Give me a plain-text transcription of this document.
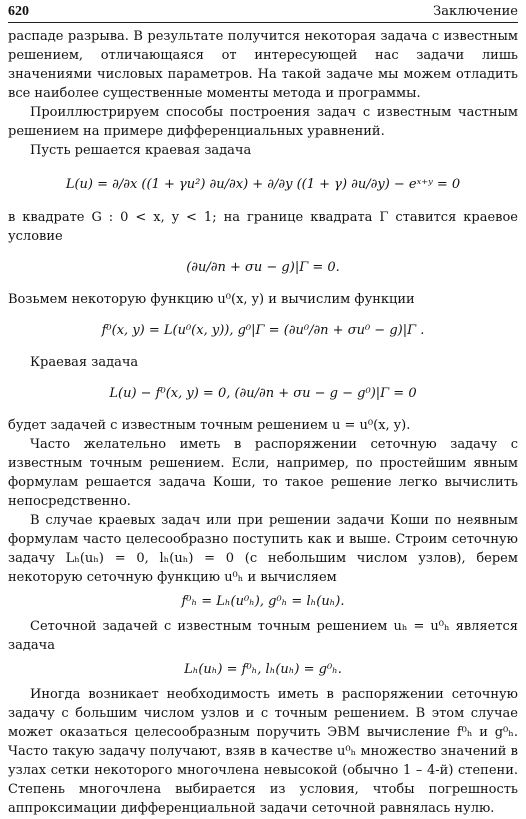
620	Заключение

распаде разрыва. В результате получится некоторая задача с известным решением, отличающаяся от интересующей нас задачи лишь значениями числовых параметров. На такой задаче мы можем отладить все наиболее существенные моменты метода и программы.

Проиллюстрируем способы построения задач с известным частным решением на примере дифференциальных уравнений.

Пусть решается краевая задача

L(u) = ∂/∂x ((1 + γu²) ∂u/∂x) + ∂/∂y ((1 + γ) ∂u/∂y) − eˣ⁺ʸ = 0

в квадрате G : 0 < x, y < 1; на границе квадрата Γ ставится краевое условие

(∂u/∂n + σu − g)|Γ = 0.

Возьмем некоторую функцию u⁰(x, y) и вычислим функции

f⁰(x, y) = L(u⁰(x, y)), g⁰|Γ = (∂u⁰/∂n + σu⁰ − g)|Γ .

Краевая задача

L(u) − f⁰(x, y) = 0, (∂u/∂n + σu − g − g⁰)|Γ = 0

будет задачей с известным точным решением u = u⁰(x, y).

Часто желательно иметь в распоряжении сеточную задачу с известным точным решением. Если, например, по простейшим явным формулам решается задача Коши, то такое решение легко вычислить непосредственно.

В случае краевых задач или при решении задачи Коши по неявным формулам часто целесообразно поступить как и выше. Строим сеточную задачу Lₕ(uₕ) = 0, lₕ(uₕ) = 0 (с небольшим числом узлов), берем некоторую сеточную функцию u⁰ₕ и вычисляем

f⁰ₕ = Lₕ(u⁰ₕ), g⁰ₕ = lₕ(uₕ).

Сеточной задачей с известным точным решением uₕ = u⁰ₕ является задача

Lₕ(uₕ) = f⁰ₕ, lₕ(uₕ) = g⁰ₕ.

Иногда возникает необходимость иметь в распоряжении сеточную задачу с большим числом узлов и с точным решением. В этом случае может оказаться целесообразным поручить ЭВМ вычисление f⁰ₕ и g⁰ₕ. Часто такую задачу получают, взяв в качестве u⁰ₕ множество значений в узлах сетки некоторого многочлена невысокой (обычно 1 – 4-й) степени. Степень многочлена выбирается из условия, чтобы погрешность аппроксимации дифференциальной задачи сеточной равнялась нулю.
